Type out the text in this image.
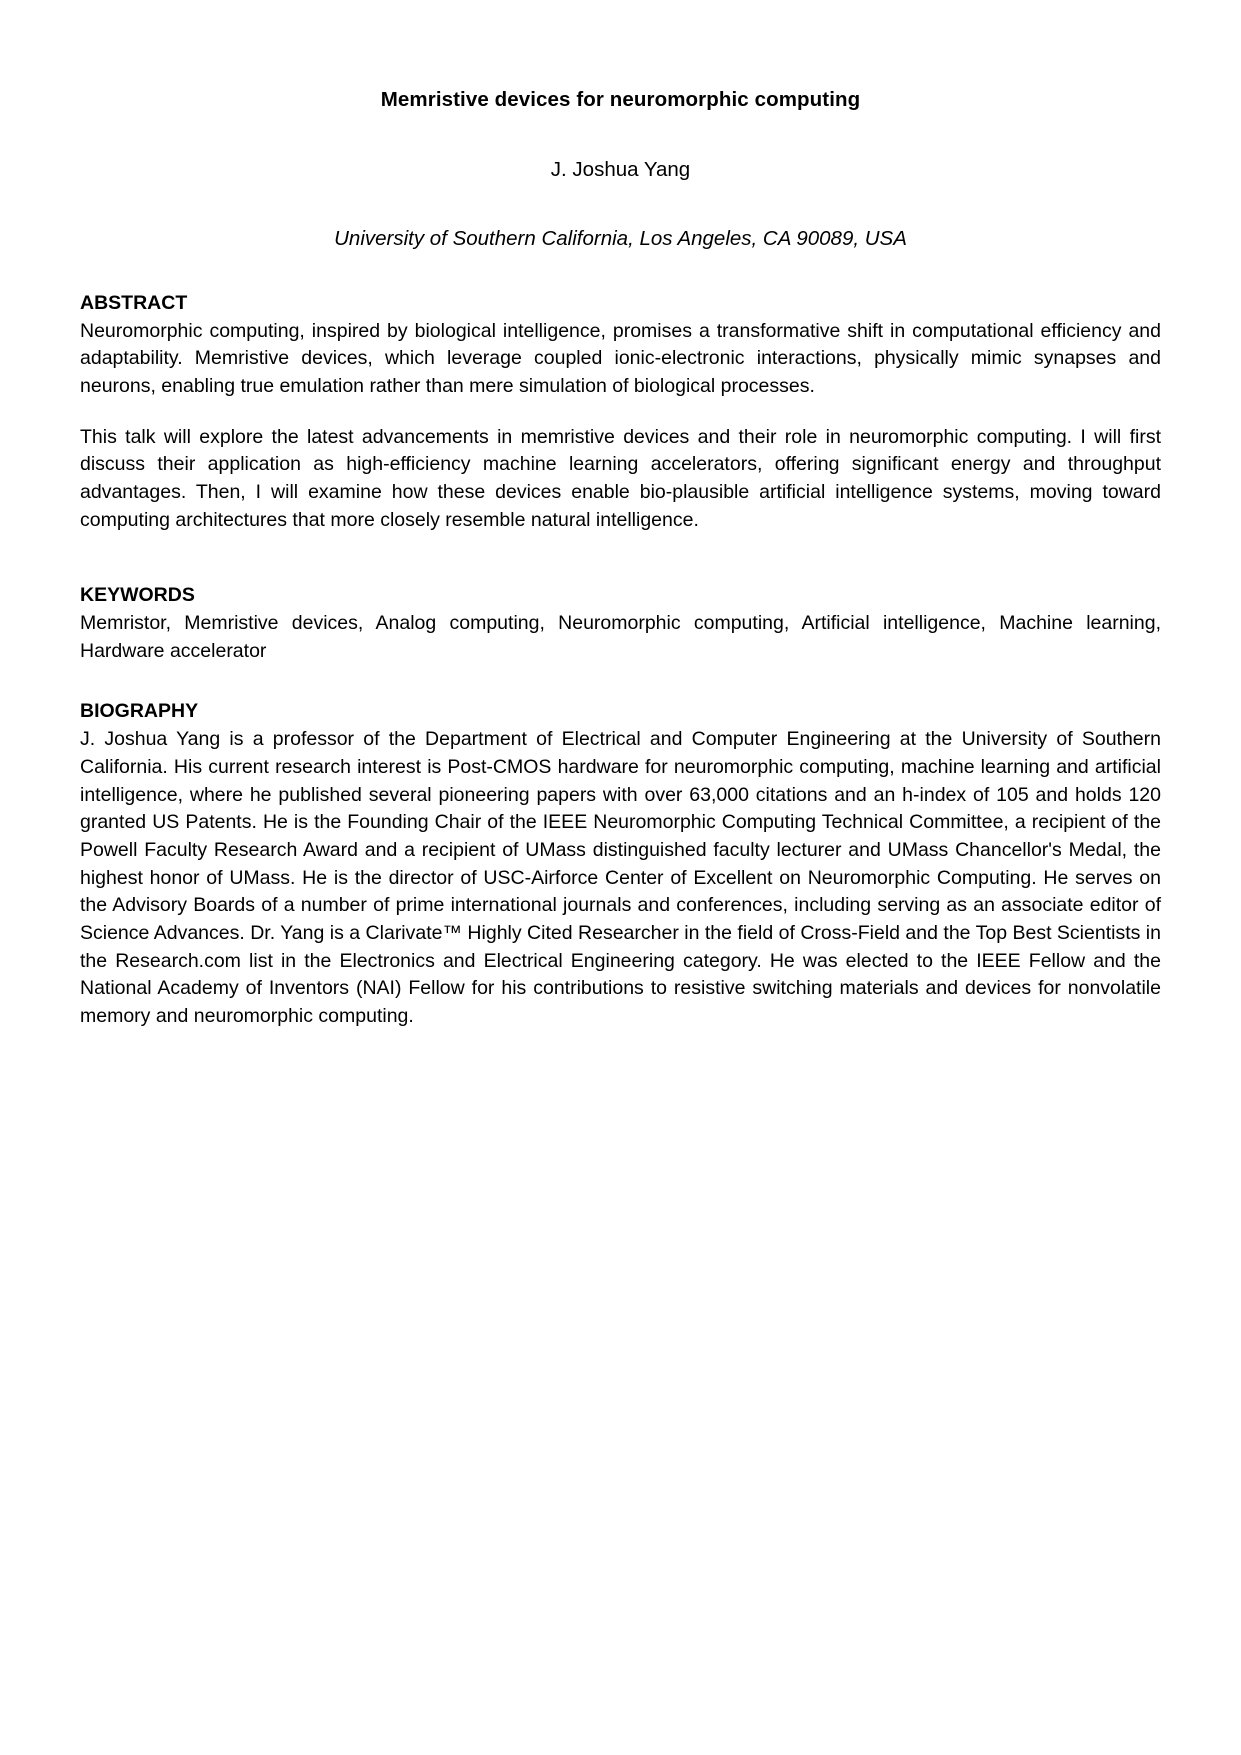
Memristive devices for neuromorphic computing
J. Joshua Yang
University of Southern California, Los Angeles, CA 90089, USA
ABSTRACT

Neuromorphic computing, inspired by biological intelligence, promises a transformative shift in computational efficiency and adaptability. Memristive devices, which leverage coupled ionic-electronic interactions, physically mimic synapses and neurons, enabling true emulation rather than mere simulation of biological processes.

This talk will explore the latest advancements in memristive devices and their role in neuromorphic computing. I will first discuss their application as high-efficiency machine learning accelerators, offering significant energy and throughput advantages. Then, I will examine how these devices enable bio-plausible artificial intelligence systems, moving toward computing architectures that more closely resemble natural intelligence.

KEYWORDS

Memristor, Memristive devices, Analog computing, Neuromorphic computing, Artificial intelligence, Machine learning, Hardware accelerator

BIOGRAPHY

J. Joshua Yang is a professor of the Department of Electrical and Computer Engineering at the University of Southern California. His current research interest is Post-CMOS hardware for neuromorphic computing, machine learning and artificial intelligence, where he published several pioneering papers with over 63,000 citations and an h-index of 105 and holds 120 granted US Patents. He is the Founding Chair of the IEEE Neuromorphic Computing Technical Committee, a recipient of the Powell Faculty Research Award and a recipient of UMass distinguished faculty lecturer and UMass Chancellor's Medal, the highest honor of UMass. He is the director of USC-Airforce Center of Excellent on Neuromorphic Computing. He serves on the Advisory Boards of a number of prime international journals and conferences, including serving as an associate editor of Science Advances. Dr. Yang is a Clarivate™ Highly Cited Researcher in the field of Cross-Field and the Top Best Scientists in the Research.com list in the Electronics and Electrical Engineering category. He was elected to the IEEE Fellow and the National Academy of Inventors (NAI) Fellow for his contributions to resistive switching materials and devices for nonvolatile memory and neuromorphic computing.
